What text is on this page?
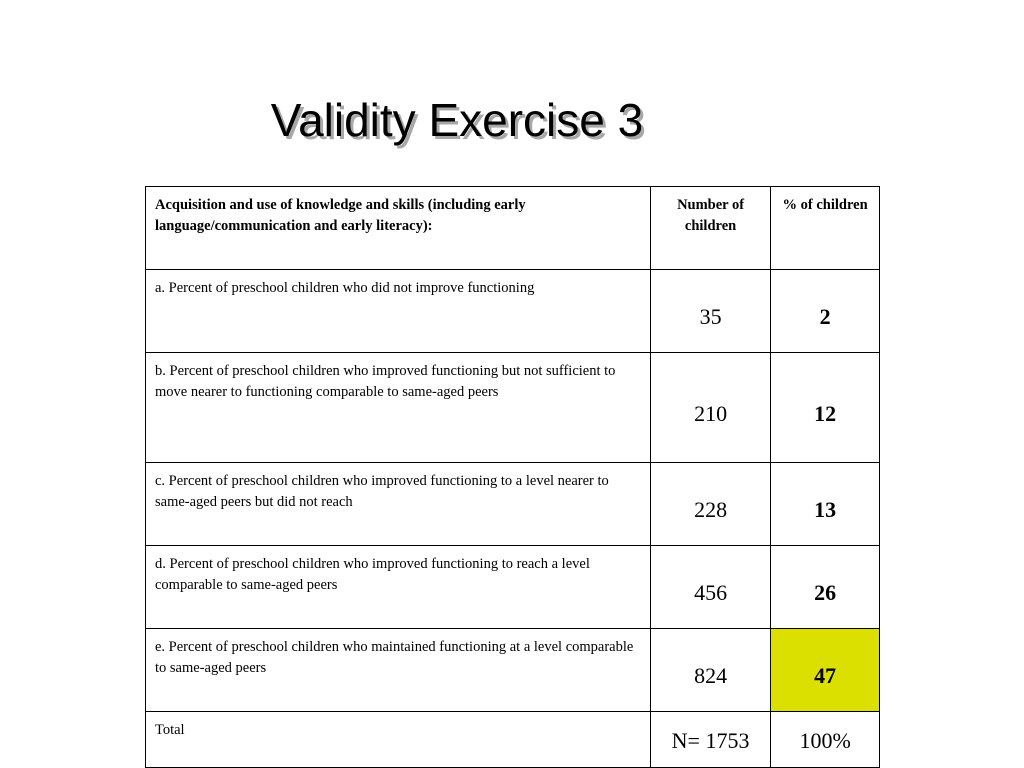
Validity Exercise 3
Acquisition and use of knowledge and skills (including early language/communication and early literacy):	Number of children	% of children
a. Percent of preschool children who did not improve functioning	35	2
b. Percent of preschool children who improved functioning but not sufficient to move nearer to functioning comparable to same-aged peers	210	12
c. Percent of preschool children who improved functioning to a level nearer to same-aged peers but did not reach	228	13
d. Percent of preschool children who improved functioning to reach a level comparable to same-aged peers	456	26
e. Percent of preschool children who maintained functioning at a level comparable to same-aged peers	824	47
Total	N= 1753	100%
